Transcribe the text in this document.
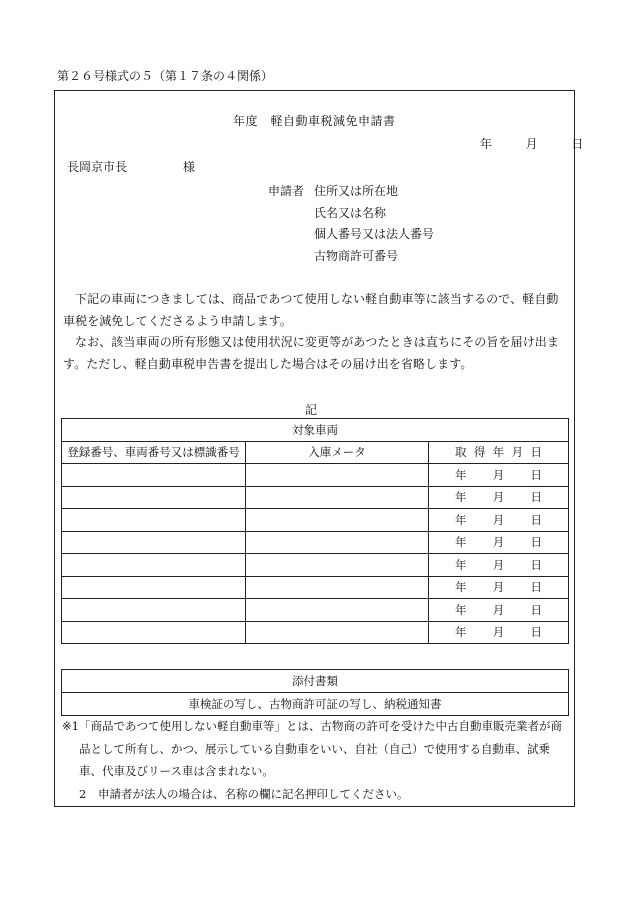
第２６号様式の５（第１７条の４関係）
年度　軽自動車税減免申請書
年	月	日
長岡京市長	様
申請者 住所又は所在地
氏名又は名称
個人番号又は法人番号
古物商許可番号

下記の車両につきましては、商品であつて使用しない軽自動車等に該当するので、軽自動車税を減免してくださるよう申請します。

なお、該当車両の所有形態又は使用状況に変更等があつたときは直ちにその旨を届け出ます。ただし、軽自動車税申告書を提出した場合はその届け出を省略します。

記
対象車両		
登録番号、車両番号又は標識番号	入庫メータ	取 得 年 月 日

		年 月 日

		年 月 日

		年 月 日

		年 月 日

		年 月 日

		年 月 日

		年 月 日

		年 月 日
添付書類
車検証の写し、古物商許可証の写し、納税通知書
※1 「商品であつて使用しない軽自動車等」とは、古物商の許可を受けた中古自動車販売業者が商品として所有し、かつ、展示している自動車をいい、自社（自己）で使用する自動車、試乗車、代車及びリース車は含まれない。
2 申請者が法人の場合は、名称の欄に記名押印してください。
